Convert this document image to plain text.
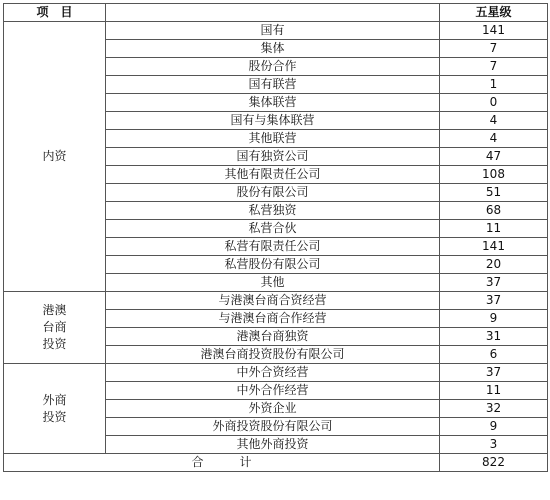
项　目		五星级

内资	国有	141
	集体	7
	股份合作	7
	国有联营	1
	集体联营	0
	国有与集体联营	4
	其他联营	4
	国有独资公司	47
	其他有限责任公司	108
	股份有限公司	51
	私营独资	68
	私营合伙	11
	私营有限责任公司	141
	私营股份有限公司	20
	其他	37

港澳
台商
投资	与港澳台商合资经营	37
	与港澳台商合作经营	9
	港澳台商独资	31
	港澳台商投资股份有限公司	6

外商
投资	中外合资经营	37
	中外合作经营	11
	外资企业	32
	外商投资股份有限公司	9
	其他外商投资	3
合计		822
